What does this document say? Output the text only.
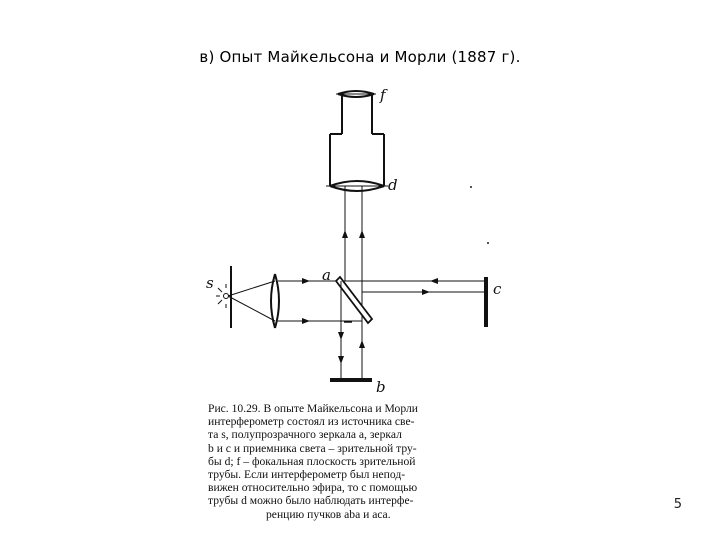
в) Опыт Майкельсона и Морли (1887 г).
f
d
s	a
c
b
Рис. 10.29. В опыте Майкельсона и Морли
интерферометр состоял из источника све-
та s, полупрозрачного зеркала a, зеркал
b и c и приемника света – зрительной тру-
бы d; f – фокальная плоскость зрительной
трубы. Если интерферометр был непод-
вижен относительно эфира, то с помощью
трубы d можно было наблюдать интерфе-
ренцию пучков aba и aca.
5
